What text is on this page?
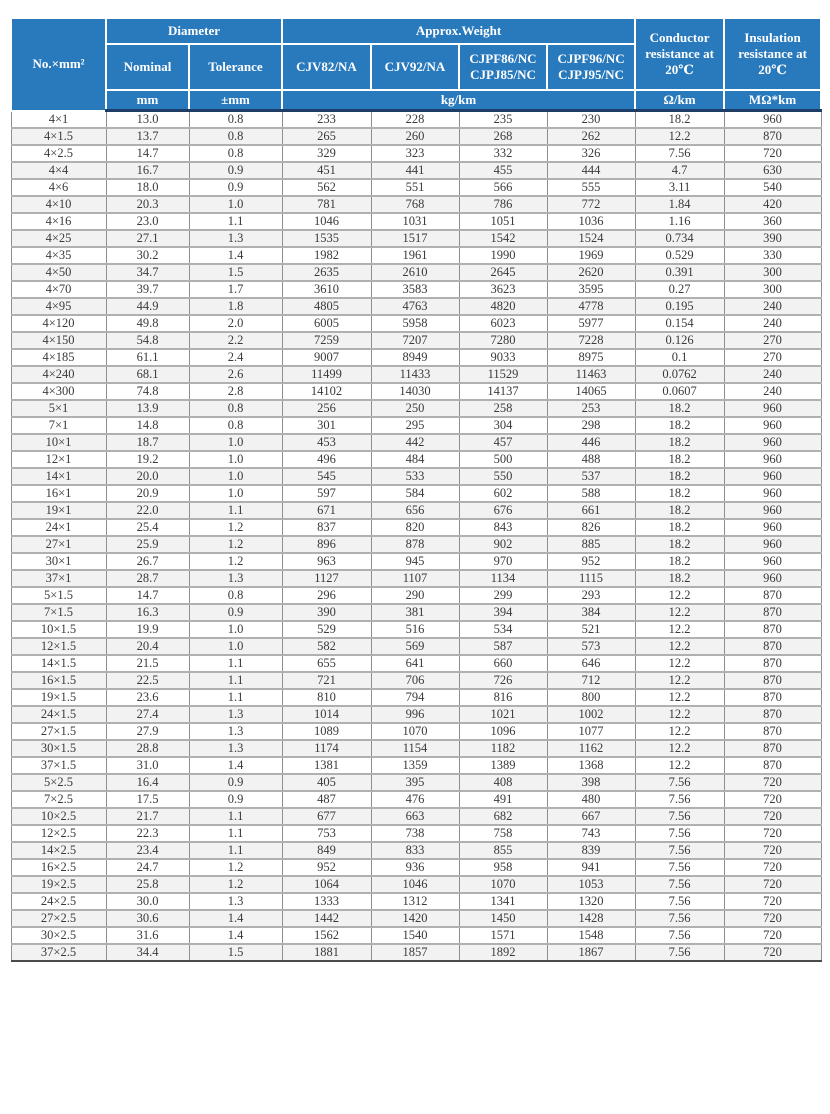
No.×mm²	Diameter		Approx.Weight				Conductor resistance at 20℃	Insulation resistance at 20℃
	Nominal	Tolerance	CJV82/NA	CJV92/NA	CJPF86/NC CJPJ85/NC	CJPF96/NC CJPJ95/NC		
	mm	±mm	kg/km				Ω/km	MΩ*km
4×1	13.0	0.8	233	228	235	230	18.2	960
4×1.5	13.7	0.8	265	260	268	262	12.2	870
4×2.5	14.7	0.8	329	323	332	326	7.56	720
4×4	16.7	0.9	451	441	455	444	4.7	630
4×6	18.0	0.9	562	551	566	555	3.11	540
4×10	20.3	1.0	781	768	786	772	1.84	420
4×16	23.0	1.1	1046	1031	1051	1036	1.16	360
4×25	27.1	1.3	1535	1517	1542	1524	0.734	390
4×35	30.2	1.4	1982	1961	1990	1969	0.529	330
4×50	34.7	1.5	2635	2610	2645	2620	0.391	300
4×70	39.7	1.7	3610	3583	3623	3595	0.27	300
4×95	44.9	1.8	4805	4763	4820	4778	0.195	240
4×120	49.8	2.0	6005	5958	6023	5977	0.154	240
4×150	54.8	2.2	7259	7207	7280	7228	0.126	270
4×185	61.1	2.4	9007	8949	9033	8975	0.1	270
4×240	68.1	2.6	11499	11433	11529	11463	0.0762	240
4×300	74.8	2.8	14102	14030	14137	14065	0.0607	240
5×1	13.9	0.8	256	250	258	253	18.2	960
7×1	14.8	0.8	301	295	304	298	18.2	960
10×1	18.7	1.0	453	442	457	446	18.2	960
12×1	19.2	1.0	496	484	500	488	18.2	960
14×1	20.0	1.0	545	533	550	537	18.2	960
16×1	20.9	1.0	597	584	602	588	18.2	960
19×1	22.0	1.1	671	656	676	661	18.2	960
24×1	25.4	1.2	837	820	843	826	18.2	960
27×1	25.9	1.2	896	878	902	885	18.2	960
30×1	26.7	1.2	963	945	970	952	18.2	960
37×1	28.7	1.3	1127	1107	1134	1115	18.2	960
5×1.5	14.7	0.8	296	290	299	293	12.2	870
7×1.5	16.3	0.9	390	381	394	384	12.2	870
10×1.5	19.9	1.0	529	516	534	521	12.2	870
12×1.5	20.4	1.0	582	569	587	573	12.2	870
14×1.5	21.5	1.1	655	641	660	646	12.2	870
16×1.5	22.5	1.1	721	706	726	712	12.2	870
19×1.5	23.6	1.1	810	794	816	800	12.2	870
24×1.5	27.4	1.3	1014	996	1021	1002	12.2	870
27×1.5	27.9	1.3	1089	1070	1096	1077	12.2	870
30×1.5	28.8	1.3	1174	1154	1182	1162	12.2	870
37×1.5	31.0	1.4	1381	1359	1389	1368	12.2	870
5×2.5	16.4	0.9	405	395	408	398	7.56	720
7×2.5	17.5	0.9	487	476	491	480	7.56	720
10×2.5	21.7	1.1	677	663	682	667	7.56	720
12×2.5	22.3	1.1	753	738	758	743	7.56	720
14×2.5	23.4	1.1	849	833	855	839	7.56	720
16×2.5	24.7	1.2	952	936	958	941	7.56	720
19×2.5	25.8	1.2	1064	1046	1070	1053	7.56	720
24×2.5	30.0	1.3	1333	1312	1341	1320	7.56	720
27×2.5	30.6	1.4	1442	1420	1450	1428	7.56	720
30×2.5	31.6	1.4	1562	1540	1571	1548	7.56	720
37×2.5	34.4	1.5	1881	1857	1892	1867	7.56	720
